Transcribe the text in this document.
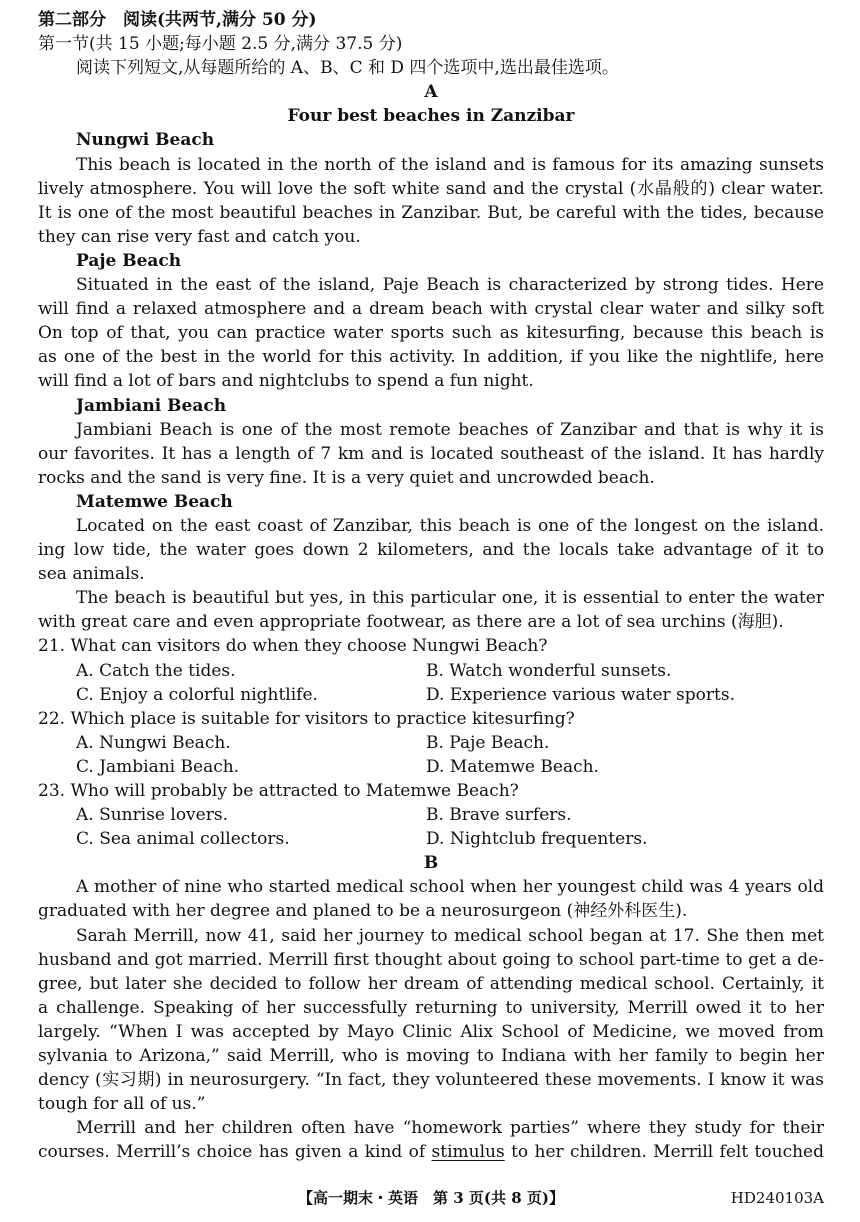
第二部分　阅读(共两节,满分 50 分)
第一节(共 15 小题;每小题 2.5 分,满分 37.5 分)
阅读下列短文,从每题所给的 A、B、C 和 D 四个选项中,选出最佳选项。
A
Four best beaches in Zanzibar
Nungwi Beach
This beach is located in the north of the island and is famous for its amazing sunsets
lively atmosphere. You will love the soft white sand and the crystal (水晶般的) clear water.
It is one of the most beautiful beaches in Zanzibar. But, be careful with the tides, because
they can rise very fast and catch you.
Paje Beach
Situated in the east of the island, Paje Beach is characterized by strong tides. Here
will find a relaxed atmosphere and a dream beach with crystal clear water and silky soft
On top of that, you can practice water sports such as kitesurfing, because this beach is
as one of the best in the world for this activity. In addition, if you like the nightlife, here
will find a lot of bars and nightclubs to spend a fun night.
Jambiani Beach
Jambiani Beach is one of the most remote beaches of Zanzibar and that is why it is
our favorites. It has a length of 7 km and is located southeast of the island. It has hardly
rocks and the sand is very fine. It is a very quiet and uncrowded beach.
Matemwe Beach
Located on the east coast of Zanzibar, this beach is one of the longest on the island.
ing low tide, the water goes down 2 kilometers, and the locals take advantage of it to
sea animals.
The beach is beautiful but yes, in this particular one, it is essential to enter the water
with great care and even appropriate footwear, as there are a lot of sea urchins (海胆).
21. What can visitors do when they choose Nungwi Beach?
A. Catch the tides.	B. Watch wonderful sunsets.
C. Enjoy a colorful nightlife.	D. Experience various water sports.
22. Which place is suitable for visitors to practice kitesurfing?
A. Nungwi Beach.	B. Paje Beach.
C. Jambiani Beach.	D. Matemwe Beach.
23. Who will probably be attracted to Matemwe Beach?
A. Sunrise lovers.	B. Brave surfers.
C. Sea animal collectors.	D. Nightclub frequenters.
B
A mother of nine who started medical school when her youngest child was 4 years old
graduated with her degree and planed to be a neurosurgeon (神经外科医生).
Sarah Merrill, now 41, said her journey to medical school began at 17. She then met
husband and got married. Merrill first thought about going to school part-time to get a de-
gree, but later she decided to follow her dream of attending medical school. Certainly, it
a challenge. Speaking of her successfully returning to university, Merrill owed it to her
largely. “When I was accepted by Mayo Clinic Alix School of Medicine, we moved from
sylvania to Arizona,” said Merrill, who is moving to Indiana with her family to begin her
dency (实习期) in neurosurgery. “In fact, they volunteered these movements. I know it was
tough for all of us.”
Merrill and her children often have “homework parties” where they study for their
courses. Merrill’s choice has given a kind of stimulus to her children. Merrill felt touched
【高一期末・英语　第 3 页(共 8 页)】	HD240103A
